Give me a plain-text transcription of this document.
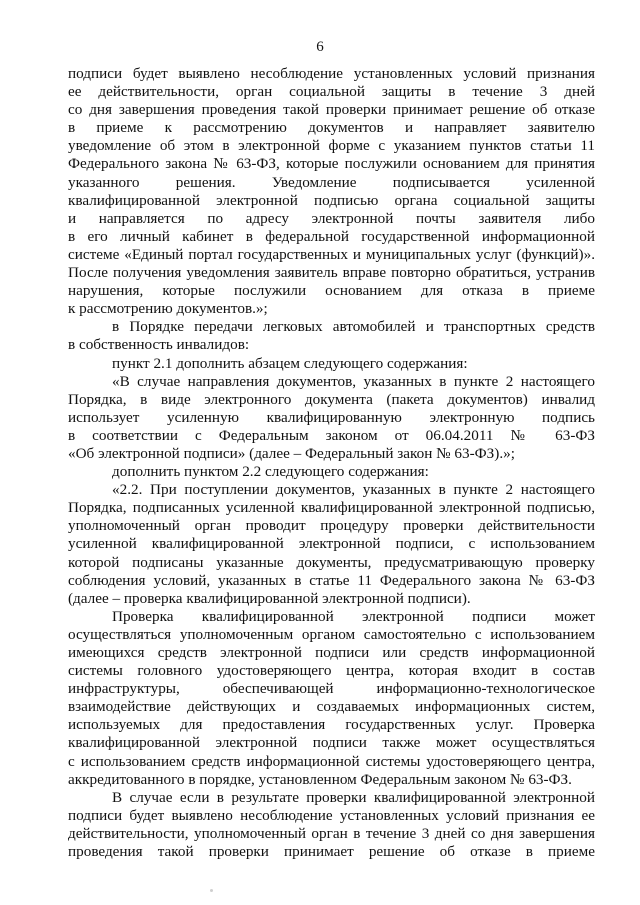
6
подписи будет выявлено несоблюдение установленных условий признания
ее действительности, орган социальной защиты в течение 3 дней
со дня завершения проведения такой проверки принимает решение об отказе
в приеме к рассмотрению документов и направляет заявителю
уведомление об этом в электронной форме с указанием пунктов статьи 11
Федерального закона № 63-ФЗ, которые послужили основанием для принятия
указанного решения. Уведомление подписывается усиленной
квалифицированной электронной подписью органа социальной защиты
и направляется по адресу электронной почты заявителя либо
в его личный кабинет в федеральной государственной информационной
системе «Единый портал государственных и муниципальных услуг (функций)».
После получения уведомления заявитель вправе повторно обратиться, устранив
нарушения, которые послужили основанием для отказа в приеме
к рассмотрению документов.»;
в Порядке передачи легковых автомобилей и транспортных средств
в собственность инвалидов:
пункт 2.1 дополнить абзацем следующего содержания:
«В случае направления документов, указанных в пункте 2 настоящего
Порядка, в виде электронного документа (пакета документов) инвалид
использует усиленную квалифицированную электронную подпись
в соответствии с Федеральным законом от 06.04.2011 № 63-ФЗ
«Об электронной подписи» (далее – Федеральный закон № 63-ФЗ).»;
дополнить пунктом 2.2 следующего содержания:
«2.2. При поступлении документов, указанных в пункте 2 настоящего
Порядка, подписанных усиленной квалифицированной электронной подписью,
уполномоченный орган проводит процедуру проверки действительности
усиленной квалифицированной электронной подписи, с использованием
которой подписаны указанные документы, предусматривающую проверку
соблюдения условий, указанных в статье 11 Федерального закона № 63-ФЗ
(далее – проверка квалифицированной электронной подписи).
Проверка квалифицированной электронной подписи может
осуществляться уполномоченным органом самостоятельно с использованием
имеющихся средств электронной подписи или средств информационной
системы головного удостоверяющего центра, которая входит в состав
инфраструктуры, обеспечивающей информационно-технологическое
взаимодействие действующих и создаваемых информационных систем,
используемых для предоставления государственных услуг. Проверка
квалифицированной электронной подписи также может осуществляться
с использованием средств информационной системы удостоверяющего центра,
аккредитованного в порядке, установленном Федеральным законом № 63-ФЗ.
В случае если в результате проверки квалифицированной электронной
подписи будет выявлено несоблюдение установленных условий признания ее
действительности, уполномоченный орган в течение 3 дней со дня завершения
проведения такой проверки принимает решение об отказе в приеме
